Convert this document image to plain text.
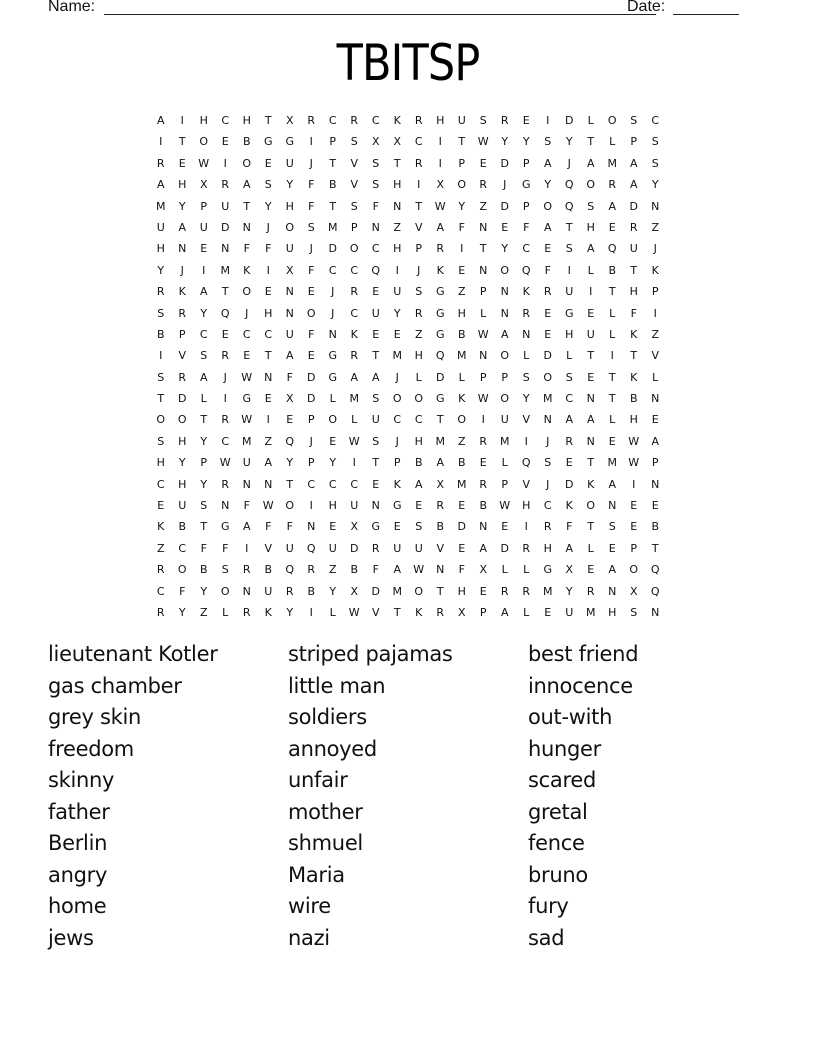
Name:	Date:
TBITSP
A	I	H	C	H	T	X	R	C	R	C	K	R	H	U	S	R	E	I	D	L	O	S	C
I	T	O	E	B	G	G	I	P	S	X	X	C	I	T	W	Y	Y	S	Y	T	L	P	S
R	E	W	I	O	E	U	J	T	V	S	T	R	I	P	E	D	P	A	J	A	M	A	S
A	H	X	R	A	S	Y	F	B	V	S	H	I	X	O	R	J	G	Y	Q	O	R	A	Y
M	Y	P	U	T	Y	H	F	T	S	F	N	T	W	Y	Z	D	P	O	Q	S	A	D	N
U	A	U	D	N	J	O	S	M	P	N	Z	V	A	F	N	E	F	A	T	H	E	R	Z
H	N	E	N	F	F	U	J	D	O	C	H	P	R	I	T	Y	C	E	S	A	Q	U	J
Y	J	I	M	K	I	X	F	C	C	Q	I	J	K	E	N	O	Q	F	I	L	B	T	K
R	K	A	T	O	E	N	E	J	R	E	U	S	G	Z	P	N	K	R	U	I	T	H	P
S	R	Y	Q	J	H	N	O	J	C	U	Y	R	G	H	L	N	R	E	G	E	L	F	I
B	P	C	E	C	C	U	F	N	K	E	E	Z	G	B	W	A	N	E	H	U	L	K	Z
I	V	S	R	E	T	A	E	G	R	T	M	H	Q	M	N	O	L	D	L	T	I	T	V
S	R	A	J	W	N	F	D	G	A	A	J	L	D	L	P	P	S	O	S	E	T	K	L
T	D	L	I	G	E	X	D	L	M	S	O	O	G	K	W	O	Y	M	C	N	T	B	N
O	O	T	R	W	I	E	P	O	L	U	C	C	T	O	I	U	V	N	A	A	L	H	E
S	H	Y	C	M	Z	Q	J	E	W	S	J	H	M	Z	R	M	I	J	R	N	E	W	A
H	Y	P	W	U	A	Y	P	Y	I	T	P	B	A	B	E	L	Q	S	E	T	M	W	P
C	H	Y	R	N	N	T	C	C	C	E	K	A	X	M	R	P	V	J	D	K	A	I	N
E	U	S	N	F	W	O	I	H	U	N	G	E	R	E	B	W	H	C	K	O	N	E	E
K	B	T	G	A	F	F	N	E	X	G	E	S	B	D	N	E	I	R	F	T	S	E	B
Z	C	F	F	I	V	U	Q	U	D	R	U	U	V	E	A	D	R	H	A	L	E	P	T
R	O	B	S	R	B	Q	R	Z	B	F	A	W	N	F	X	L	L	G	X	E	A	O	Q
C	F	Y	O	N	U	R	B	Y	X	D	M	O	T	H	E	R	R	M	Y	R	N	X	Q
R	Y	Z	L	R	K	Y	I	L	W	V	T	K	R	X	P	A	L	E	U	M	H	S	N
lieutenant Kotler	striped pajamas	best friend
gas chamber	little man	innocence
grey skin	soldiers	out-with
freedom	annoyed	hunger
skinny	unfair	scared
father	mother	gretal
Berlin	shmuel	fence
angry	Maria	bruno
home	wire	fury
jews	nazi	sad
